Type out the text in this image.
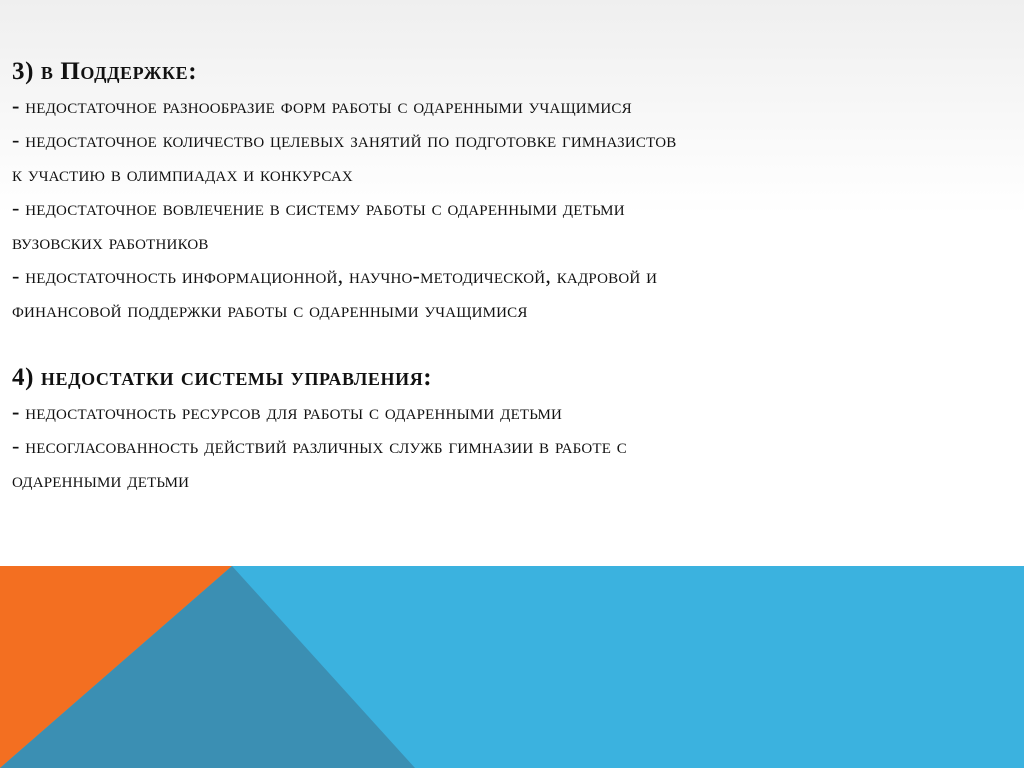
3) в Поддержке:
- недостаточное разнообразие форм работы с одаренными учащимися
- недостаточное количество целевых занятий по подготовке гимназистов
к участию в олимпиадах и конкурсах
- недостаточное вовлечение в систему работы с одаренными детьми
вузовских работников
- недостаточность информационной, научно-методической, кадровой и
финансовой поддержки работы с одаренными учащимися
4) недостатки системы управления:
- недостаточность ресурсов для работы с одаренными детьми
- несогласованность действий различных служб гимназии в работе с
одаренными детьми
